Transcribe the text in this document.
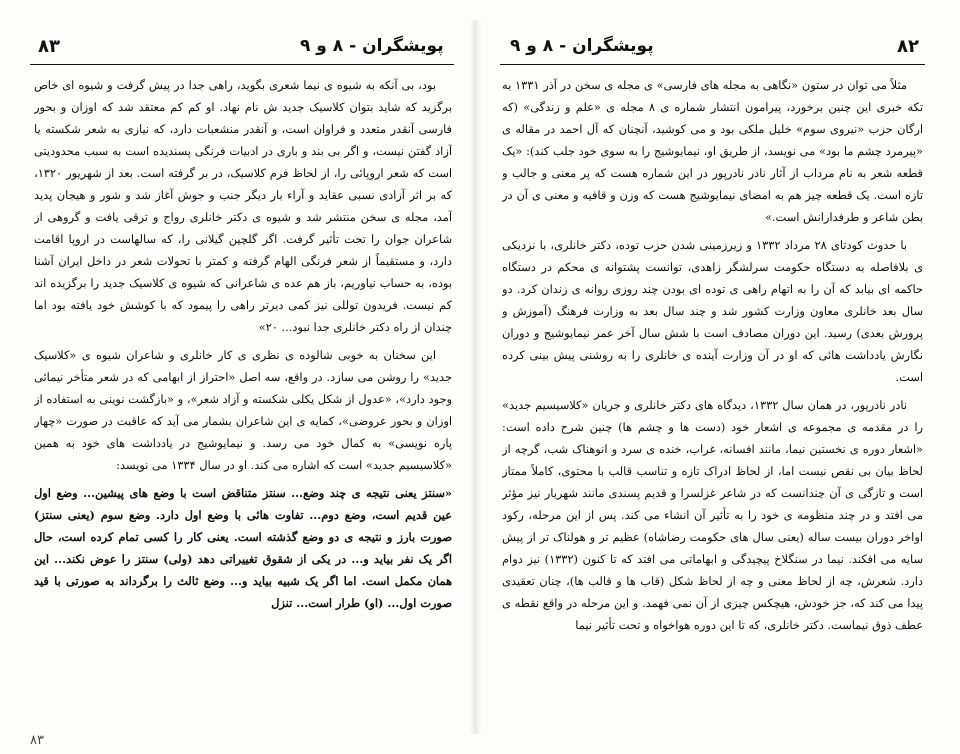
۸۳	پویشگران - ۸ و ۹

بود، بی آنکه به شیوه ی نیما شعری بگوید، راهی جدا در پیش گرفت و شیوه ای خاص برگزید که شاید بتوان کلاسیک جدید ش نام نهاد. او کم کم معتقد شد که اوزان و بحور فارسی آنقدر متعدد و فراوان است، و آنقدر منشعبات دارد، که نیازی به شعر شکسته یا آزاد گفتن نیست، و اگر بی بند و باری در ادبیات فرنگی پسندیده است به سبب محدودیتی است که شعر اروپائی را، از لحاظ فرم کلاسیک، در بر گرفته است. بعد از شهریور ۱۳۲۰، که بر اثر آزادی نسبی عقاید و آراء بار دیگر جنب و جوش آغاز شد و شور و هیجان پدید آمد، مجله ی سخن منتشر شد و شیوه ی دکتر خانلری رواج و ترقی یافت و گروهی از شاعران جوان را تحت تأثیر گرفت. اگر گلچین گیلانی را، که سالهاست در اروپا اقامت دارد، و مستقیماً از شعر فرنگی الهام گرفته و کمتر با تحولات شعر در داخل ایران آشنا بوده، به حساب نیاوریم، باز هم عده ی شاعرانی که شیوه ی کلاسیک جدید را برگزیده اند کم نیست. فریدون توللی نیز کمی دیرتر راهی را پیمود که با کوشش خود یافته بود اما چندان از راه دکتر خانلری جدا نبود... ۲۰»

این سخنان به خوبی شالوده ی نظری ی کار خانلری و شاعران شیوه ی «کلاسیک جدید» را روشن می سازد. در واقع، سه اصل «احتراز از ابهامی که در شعر متأخر نیمائی وجود دارد»، «عدول از شکل یکلی شکسته و آزاد شعر»، و «بازگشت نوینی به استفاده از اوزان و بحور عروضی»، کمایه ی این شاعران بشمار می آید که عاقبت در صورت «چهار پاره نویسی» به کمال خود می رسد. و نیمایوشیج در یادداشت های خود به همین «کلاسیسیم جدید» است که اشاره می کند. او در سال ۱۳۳۴ می نویسد:

«سنتز یعنی نتیجه ی چند وضع... سنتز متناقض است با وضع های پیشین... وضع اول عین قدیم است، وضع دوم... تفاوت هائی با وضع اول دارد. وضع سوم (یعنی سنتز) صورت بارز و نتیجه ی دو وضع گذشته است. یعنی کار را کسی تمام کرده است، حال اگر یک نفر بیاید و... در یکی از شقوق تغییراتی دهد (ولی) سنتز را عوض نکند... این همان مکمل است. اما اگر یک شبیه بیاید و... وضع ثالث را برگرداند به صورتی با قید صورت اول... (او) طرار است... تنزل

پویشگران - ۸ و ۹	۸۲

مثلاً می توان در ستون «نگاهی به مجله های فارسی» ی مجله ی سخن در آذر ۱۳۳۱ به تکه خبری این چنین برخورد، پیرامون انتشار شماره ی ۸ مجله ی «علم و زندگی» (که ارگان حزب «نیروی سوم» خلیل ملکی بود و می کوشید، آنچنان که آل احمد در مقاله ی «پیرمرد چشم ما بود» می نویسد، از طریق او، نیمایوشیج را به سوی خود جلب کند): «یک قطعه شعر به نام مرداب از آثار نادر نادرپور در این شماره هست که پر معنی و جالب و تازه است. یک قطعه چیز هم به امضای نیمایوشیج هست که وزن و قافیه و معنی ی آن در بطن شاعر و طرفدارانش است.»

با حدوث کودتای ۲۸ مرداد ۱۳۳۲ و زیرزمینی شدن حزب توده، دکتر خانلری، با نزدیکی ی بلافاصله به دستگاه حکومت سرلشگر زاهدی، توانست پشتوانه ی محکم در دستگاه حاکمه ای بیابد که آن را به اتهام راهی ی توده ای بودن چند روزی روانه ی زندان کرد. دو سال بعد خانلری معاون وزارت کشور شد و چند سال بعد به وزارت فرهنگ (آموزش و پرورش بعدی) رسید. این دوران مصادف است با شش سال آخر عمر نیمایوشیج و دوران نگارش یادداشت هائی که او در آن وزارت آینده ی خانلری را به روشنی پیش بینی کرده است.

نادر نادرپور، در همان سال ۱۳۳۲، دیدگاه های دکتر خانلری و جریان «کلاسیسیم جدید» را در مقدمه ی مجموعه ی اشعار خود (دست ها و چشم ها) چنین شرح داده است: «اشعار دوره ی نخستین نیما، مانند افسانه، غراب، خنده ی سرد و انوهناک شب، گرچه از لحاظ بیان بی نقص نیست اما، از لحاظ ادراک تازه و تناسب قالب با محتوی، کاملاً ممتاز است و تازگی ی آن چندانست که در شاعر غزلسرا و قدیم پسندی مانند شهریار نیز مؤثر می افتد و در چند منظومه ی خود را به تأثیر آن انشاء می کند. پس از این مرحله، رکود اواخر دوران بیست ساله (یعنی سال های حکومت رضاشاه) عظیم تر و هولناک تر از پیش سایه می افکند. نیما در سنگلاخ پیچیدگی و ابهاماتی می افتد که تا کنون (۱۳۳۲) نیز دوام دارد. شعرش، چه از لحاظ معنی و چه از لحاظ شکل (قاب ها و قالب ها)، چنان تعقیدی پیدا می کند که، جز خودش، هیچکس چیزی از آن نمی فهمد. و این مرحله در واقع نقطه ی عطف ذوق نیماست. دکتر خانلری، که تا این دوره هواخواه و تحت تأثیر نیما

۸۳
